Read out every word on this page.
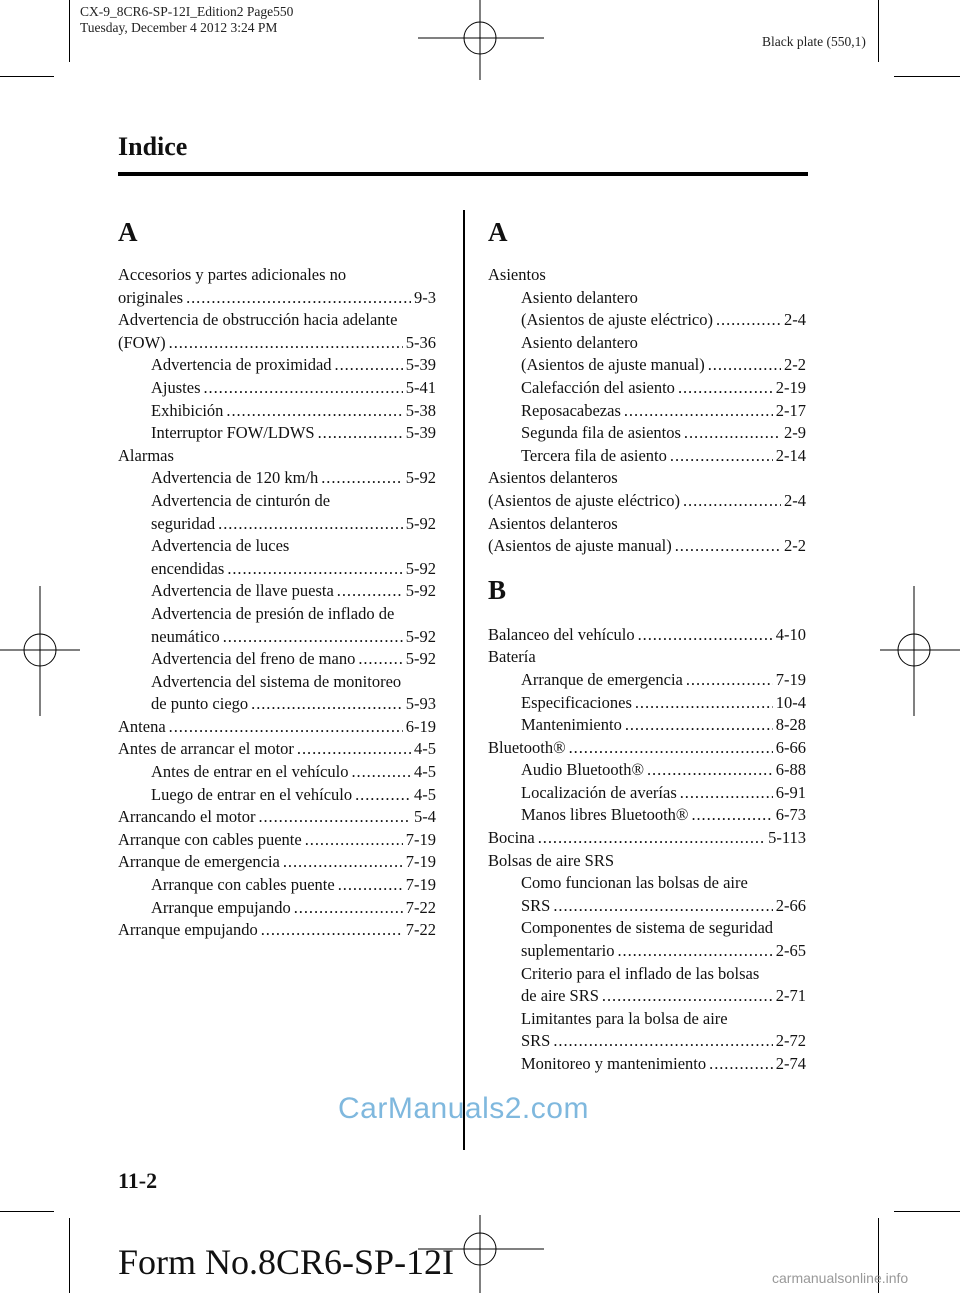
CX-9_8CR6-SP-12I_Edition2 Page550
Tuesday, December 4 2012 3:24 PM
Black plate (550,1)
Indice
A
Accesorios y partes adicionales no
originales . . .	9-3
Advertencia de obstrucción hacia adelante
(FOW) . . .	5-36
Advertencia de proximidad . . .	5-39
Ajustes . . .	5-41
Exhibición . . .	5-38
Interruptor FOW/LDWS . . .	5-39
Alarmas
Advertencia de 120 km/h . . .	5-92
Advertencia de cinturón de
seguridad . . .	5-92
Advertencia de luces
encendidas . . .	5-92
Advertencia de llave puesta . . .	5-92
Advertencia de presión de inflado de
neumático . . .	5-92
Advertencia del freno de mano . . .	5-92
Advertencia del sistema de monitoreo
de punto ciego . . .	5-93
Antena . . .	6-19
Antes de arrancar el motor . . .	4-5
Antes de entrar en el vehículo . . .	4-5
Luego de entrar en el vehículo . . .	4-5
Arrancando el motor . . .	5-4
Arranque con cables puente . . .	7-19
Arranque de emergencia . . .	7-19
Arranque con cables puente . . .	7-19
Arranque empujando . . .	7-22
Arranque empujando . . .	7-22
A
Asientos
Asiento delantero
(Asientos de ajuste eléctrico) . . .	2-4
Asiento delantero
(Asientos de ajuste manual) . . .	2-2
Calefacción del asiento . . .	2-19
Reposacabezas . . .	2-17
Segunda fila de asientos . . .	2-9
Tercera fila de asiento . . .	2-14
Asientos delanteros
(Asientos de ajuste eléctrico) . . .	2-4
Asientos delanteros
(Asientos de ajuste manual) . . .	2-2
B
Balanceo del vehículo . . .	4-10
Batería
Arranque de emergencia . . .	7-19
Especificaciones . . .	10-4
Mantenimiento . . .	8-28
Bluetooth® . . .	6-66
Audio Bluetooth® . . .	6-88
Localización de averías . . .	6-91
Manos libres Bluetooth® . . .	6-73
Bocina . . .	5-113
Bolsas de aire SRS
Como funcionan las bolsas de aire
SRS . . .	2-66
Componentes de sistema de seguridad
suplementario . . .	2-65
Criterio para el inflado de las bolsas
de aire SRS . . .	2-71
Limitantes para la bolsa de aire
SRS . . .	2-72
Monitoreo y mantenimiento . . .	2-74
CarManuals2.com
11-2
Form No.8CR6-SP-12I	carmanualsonline.info
